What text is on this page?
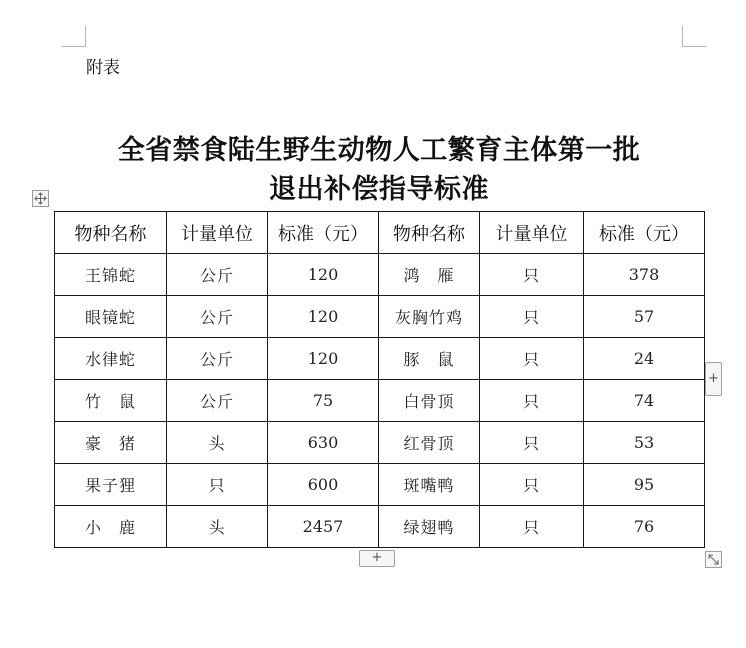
附表
全省禁食陆生野生动物人工繁育主体第一批
退出补偿指导标准
物种名称	计量单位	标准（元）	物种名称	计量单位	标准（元）
王锦蛇	公斤	120	鸿　雁	只	378
眼镜蛇	公斤	120	灰胸竹鸡	只	57
水律蛇	公斤	120	豚　鼠	只	24
竹　鼠	公斤	75	白骨顶	只	74
豪　猪	头	630	红骨顶	只	53
果子狸	只	600	斑嘴鸭	只	95
小　鹿	头	2457	绿翅鸭	只	76
+
+
